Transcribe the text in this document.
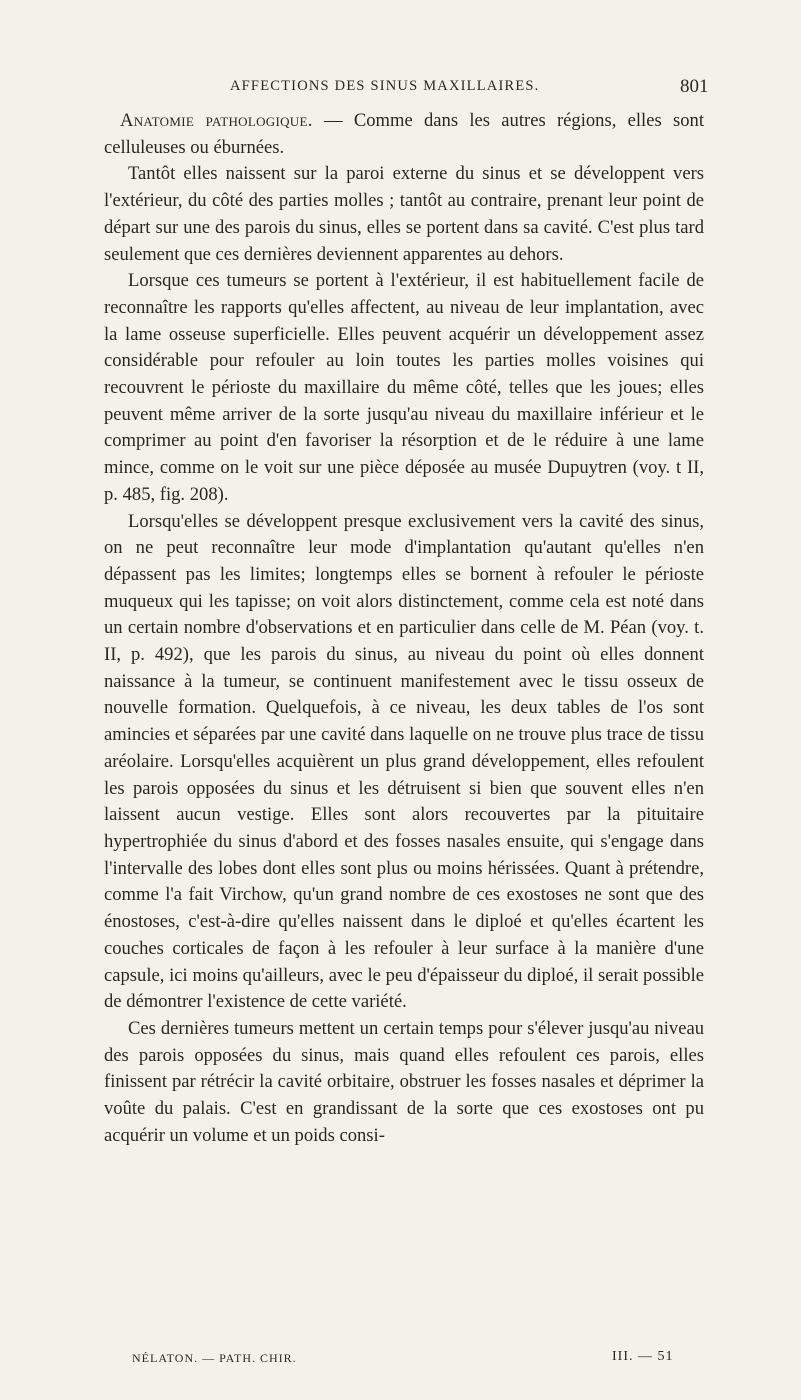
AFFECTIONS DES SINUS MAXILLAIRES.	801

Anatomie pathologique. — Comme dans les autres régions, elles sont celluleuses ou éburnées.

Tantôt elles naissent sur la paroi externe du sinus et se développent vers l'extérieur, du côté des parties molles ; tantôt au contraire, prenant leur point de départ sur une des parois du sinus, elles se portent dans sa cavité. C'est plus tard seulement que ces dernières deviennent apparentes au dehors.

Lorsque ces tumeurs se portent à l'extérieur, il est habituellement facile de reconnaître les rapports qu'elles affectent, au niveau de leur implantation, avec la lame osseuse superficielle. Elles peuvent acquérir un développement assez considérable pour refouler au loin toutes les parties molles voisines qui recouvrent le périoste du maxillaire du même côté, telles que les joues; elles peuvent même arriver de la sorte jusqu'au niveau du maxillaire inférieur et le comprimer au point d'en favoriser la résorption et de le réduire à une lame mince, comme on le voit sur une pièce déposée au musée Dupuytren (voy. t II, p. 485, fig. 208).

Lorsqu'elles se développent presque exclusivement vers la cavité des sinus, on ne peut reconnaître leur mode d'implantation qu'autant qu'elles n'en dépassent pas les limites; longtemps elles se bornent à refouler le périoste muqueux qui les tapisse; on voit alors distinctement, comme cela est noté dans un certain nombre d'observations et en particulier dans celle de M. Péan (voy. t. II, p. 492), que les parois du sinus, au niveau du point où elles donnent naissance à la tumeur, se continuent manifestement avec le tissu osseux de nouvelle formation. Quelquefois, à ce niveau, les deux tables de l'os sont amincies et séparées par une cavité dans laquelle on ne trouve plus trace de tissu aréolaire. Lorsqu'elles acquièrent un plus grand développement, elles refoulent les parois opposées du sinus et les détruisent si bien que souvent elles n'en laissent aucun vestige. Elles sont alors recouvertes par la pituitaire hypertrophiée du sinus d'abord et des fosses nasales ensuite, qui s'engage dans l'intervalle des lobes dont elles sont plus ou moins hérissées. Quant à prétendre, comme l'a fait Virchow, qu'un grand nombre de ces exostoses ne sont que des énostoses, c'est-à-dire qu'elles naissent dans le diploé et qu'elles écartent les couches corticales de façon à les refouler à leur surface à la manière d'une capsule, ici moins qu'ailleurs, avec le peu d'épaisseur du diploé, il serait possible de démontrer l'existence de cette variété.

Ces dernières tumeurs mettent un certain temps pour s'élever jusqu'au niveau des parois opposées du sinus, mais quand elles refoulent ces parois, elles finissent par rétrécir la cavité orbitaire, obstruer les fosses nasales et déprimer la voûte du palais. C'est en grandissant de la sorte que ces exostoses ont pu acquérir un volume et un poids consi-

NÉLATON. — PATH. CHIR.	III. — 51
